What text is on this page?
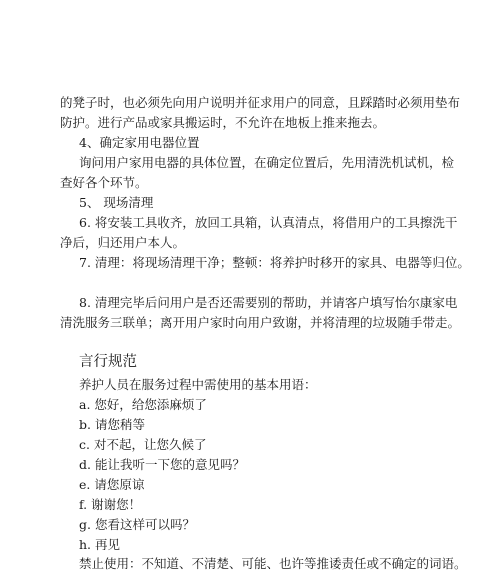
的凳子时，也必须先向用户说明并征求用户的同意，且踩踏时必须用垫布
防护。进行产品或家具搬运时，不允许在地板上推来拖去。
4、确定家用电器位置
询问用户家用电器的具体位置，在确定位置后，先用清洗机试机，检
查好各个环节。
5、 现场清理
6. 将安装工具收齐，放回工具箱，认真清点，将借用户的工具擦洗干
净后，归还用户本人。
7. 清理：将现场清理干净；整顿：将养护时移开的家具、电器等归位。
8. 清理完毕后问用户是否还需要别的帮助，并请客户填写怡尔康家电
清洗服务三联单；离开用户家时向用户致谢，并将清理的垃圾随手带走。
言行规范
养护人员在服务过程中需使用的基本用语：
a. 您好，给您添麻烦了
b. 请您稍等
c. 对不起，让您久候了
d. 能让我听一下您的意见吗？
e. 请您原谅
f. 谢谢您！
g. 您看这样可以吗？
h. 再见
禁止使用：不知道、不清楚、可能、也许等推诿责任或不确定的词语。
